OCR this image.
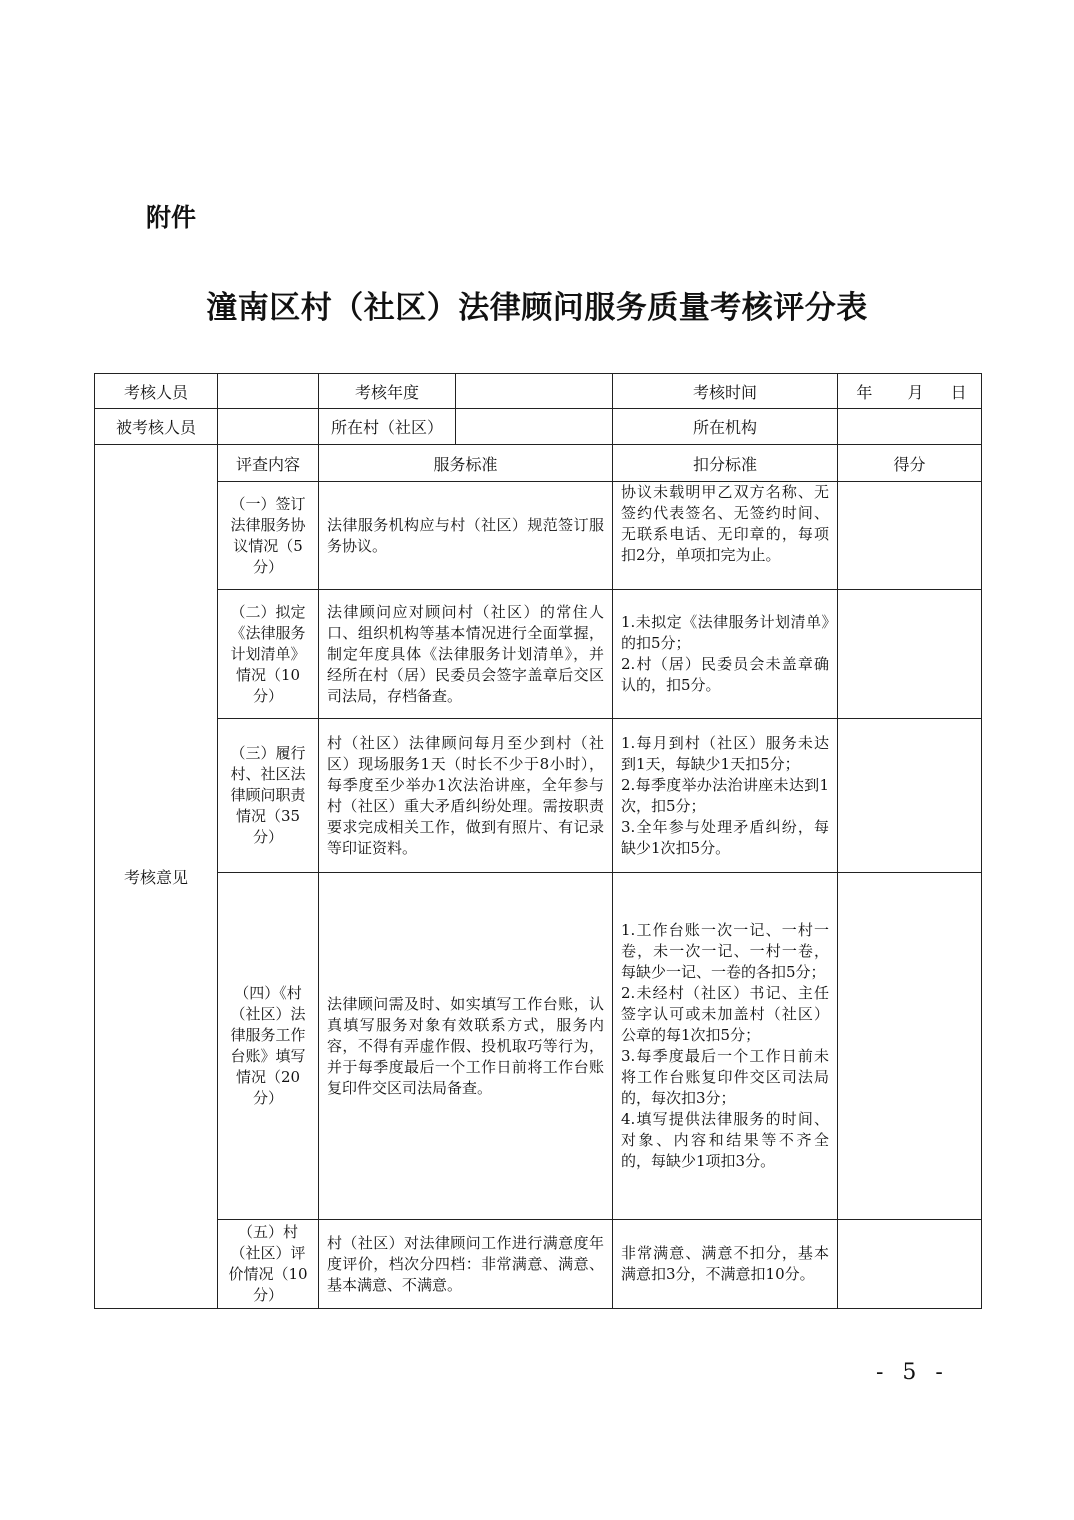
附件
潼南区村（社区）法律顾问服务质量考核评分表
考核人员		考核年度		考核时间	年 月 日
被考核人员		所在村（社区）		所在机构	
考核意见	评查内容	服务标准		扣分标准	得分
	（一）签订法律服务协议情况（5分）	法律服务机构应与村（社区）规范签订服务协议。		协议未载明甲乙双方名称、无签约代表签名、无签约时间、无联系电话、无印章的，每项扣2分，单项扣完为止。	
	（二）拟定《法律服务计划清单》情况（10分）	法律顾问应对顾问村（社区）的常住人口、组织机构等基本情况进行全面掌握，制定年度具体《法律服务计划清单》，并经所在村（居）民委员会签字盖章后交区司法局，存档备查。		1.未拟定《法律服务计划清单》的扣5分；
2.村（居）民委员会未盖章确认的，扣5分。	
	（三）履行村、社区法律顾问职责情况（35分）	村（社区）法律顾问每月至少到村（社区）现场服务1天（时长不少于8小时），每季度至少举办1次法治讲座，全年参与村（社区）重大矛盾纠纷处理。需按职责要求完成相关工作，做到有照片、有记录等印证资料。		1.每月到村（社区）服务未达到1天，每缺少1天扣5分；
2.每季度举办法治讲座未达到1次，扣5分；
3.全年参与处理矛盾纠纷，每缺少1次扣5分。	
	（四）《村（社区）法律服务工作台账》填写情况（20分）	法律顾问需及时、如实填写工作台账，认真填写服务对象有效联系方式，服务内容，不得有弄虚作假、投机取巧等行为，并于每季度最后一个工作日前将工作台账复印件交区司法局备查。		1.工作台账一次一记、一村一卷，未一次一记、一村一卷，每缺少一记、一卷的各扣5分；
2.未经村（社区）书记、主任签字认可或未加盖村（社区）公章的每1次扣5分；
3.每季度最后一个工作日前未将工作台账复印件交区司法局的，每次扣3分；
4.填写提供法律服务的时间、对象、内容和结果等不齐全的，每缺少1项扣3分。	
	（五）村（社区）评价情况（10分）	村（社区）对法律顾问工作进行满意度年度评价，档次分四档：非常满意、满意、基本满意、不满意。		非常满意、满意不扣分，基本满意扣3分，不满意扣10分。	
- 5 -
